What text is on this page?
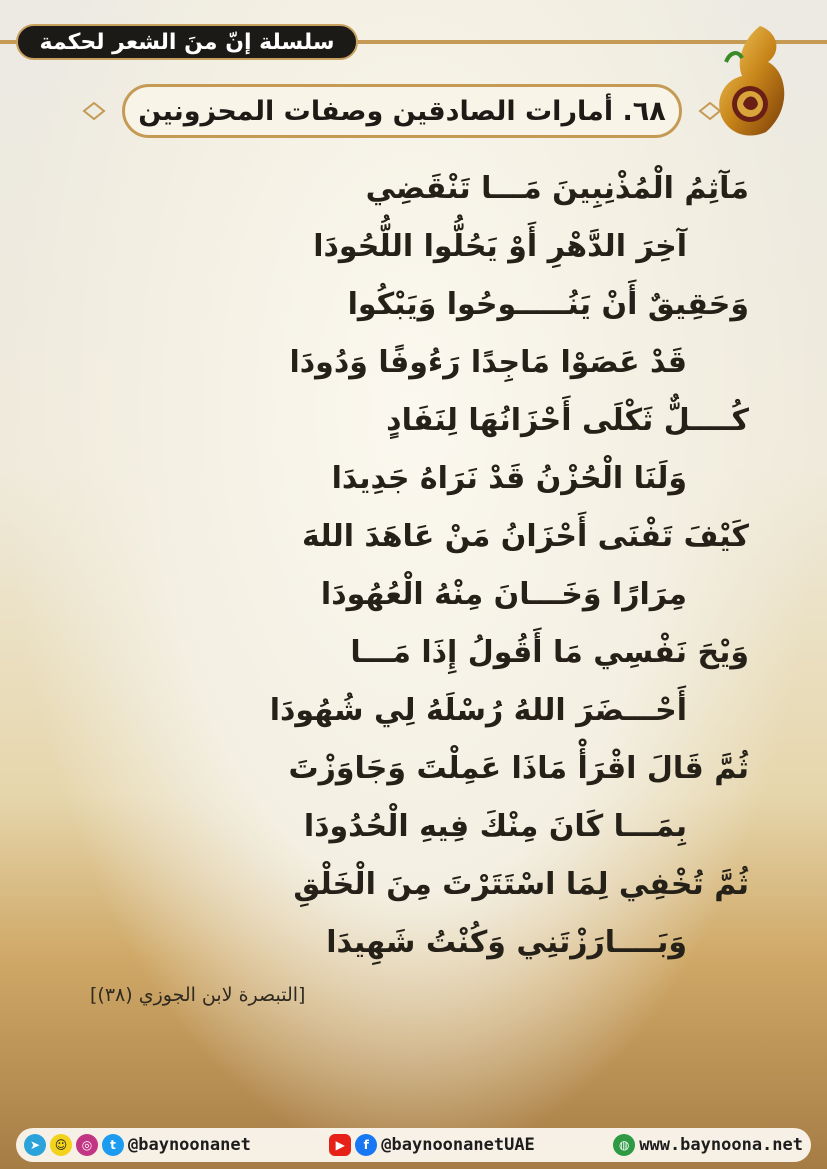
سلسلة إنّ منَ الشعر لحكمة
٦٨. أمارات الصادقين وصفات المحزونين
مَآثِمُ الْمُذْنِبِينَ مَـــا تَنْقَضِي
آخِرَ الدَّهْرِ أَوْ يَحُلُّوا اللُّحُودَا
وَحَقِيقٌ أَنْ يَنُـــــوحُوا وَيَبْكُوا
قَدْ عَصَوْا مَاجِدًا رَءُوفًا وَدُودَا
كُــــلٌّ ثَكْلَى أَحْزَانُهَا لِنَفَادٍ
وَلَنَا الْحُزْنُ قَدْ نَرَاهُ جَدِيدَا
كَيْفَ تَفْنَى أَحْزَانُ مَنْ عَاهَدَ اللهَ
مِرَارًا وَخَـــانَ مِنْهُ الْعُهُودَا
وَيْحَ نَفْسِي مَا أَقُولُ إِذَا مَـــا
أَحْـــضَرَ اللهُ رُسْلَهُ لِي شُهُودَا
ثُمَّ قَالَ اقْرَأْ مَاذَا عَمِلْتَ وَجَاوَزْتَ
بِمَـــا كَانَ مِنْكَ فِيهِ الْحُدُودَا
ثُمَّ تُخْفِي لِمَا اسْتَتَرْتَ مِنَ الْخَلْقِ
وَبَــــارَزْتَنِي وَكُنْتُ شَهِيدَا
[التبصرة لابن الجوزي (٣٨)]
➤	☺	◎	t @baynoonanet	▶	f @baynoonanetUAE	◍ www.baynoona.net
